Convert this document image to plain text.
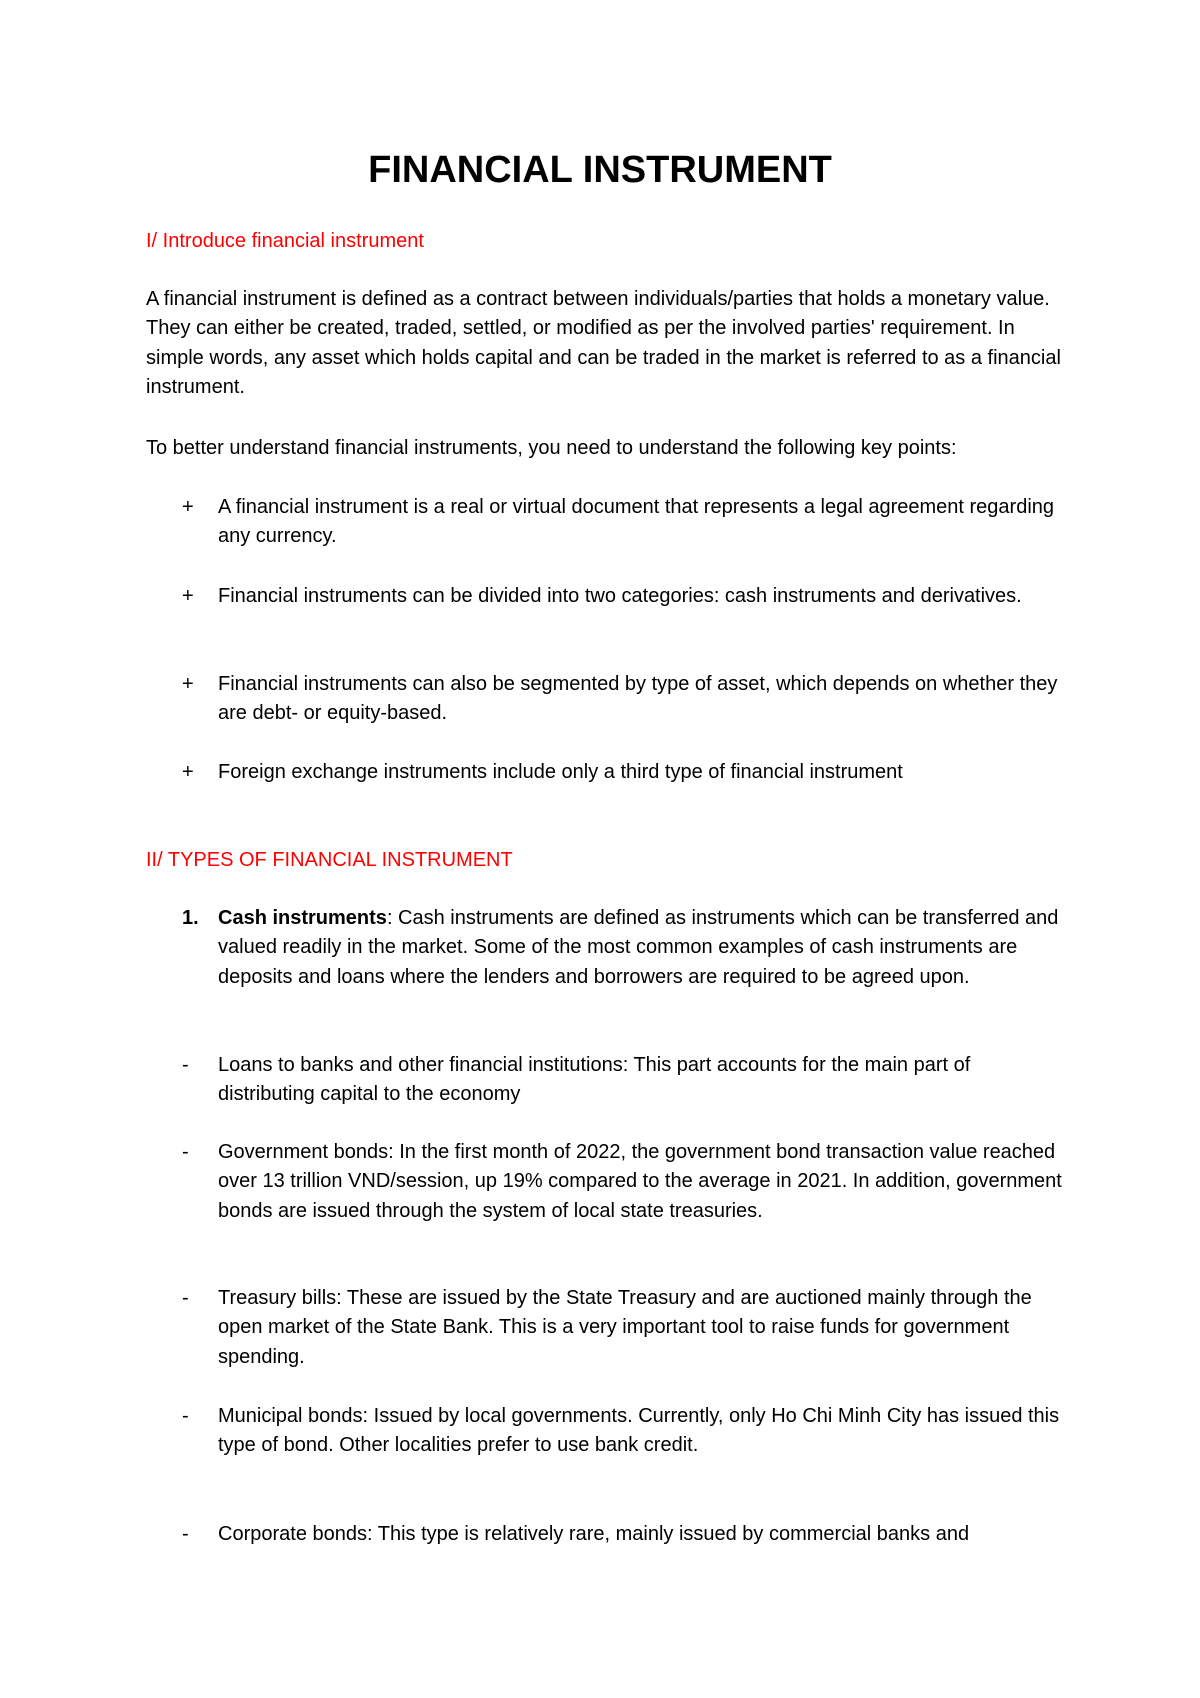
FINANCIAL INSTRUMENT

I/ Introduce financial instrument

A financial instrument is defined as a contract between individuals/parties that holds a monetary value. They can either be created, traded, settled, or modified as per the involved parties' requirement. In simple words, any asset which holds capital and can be traded in the market is referred to as a financial instrument.

To better understand financial instruments, you need to understand the following key points:

+ A financial instrument is a real or virtual document that represents a legal agreement regarding any currency.
+ Financial instruments can be divided into two categories: cash instruments and derivatives.
+ Financial instruments can also be segmented by type of asset, which depends on whether they are debt- or equity-based.
+ Foreign exchange instruments include only a third type of financial instrument

II/ TYPES OF FINANCIAL INSTRUMENT

1. Cash instruments: Cash instruments are defined as instruments which can be transferred and valued readily in the market. Some of the most common examples of cash instruments are deposits and loans where the lenders and borrowers are required to be agreed upon.
- Loans to banks and other financial institutions: This part accounts for the main part of distributing capital to the economy
- Government bonds: In the first month of 2022, the government bond transaction value reached over 13 trillion VND/session, up 19% compared to the average in 2021. In addition, government bonds are issued through the system of local state treasuries.
- Treasury bills: These are issued by the State Treasury and are auctioned mainly through the open market of the State Bank. This is a very important tool to raise funds for government spending.
- Municipal bonds: Issued by local governments. Currently, only Ho Chi Minh City has issued this type of bond. Other localities prefer to use bank credit.
- Corporate bonds: This type is relatively rare, mainly issued by commercial banks and
